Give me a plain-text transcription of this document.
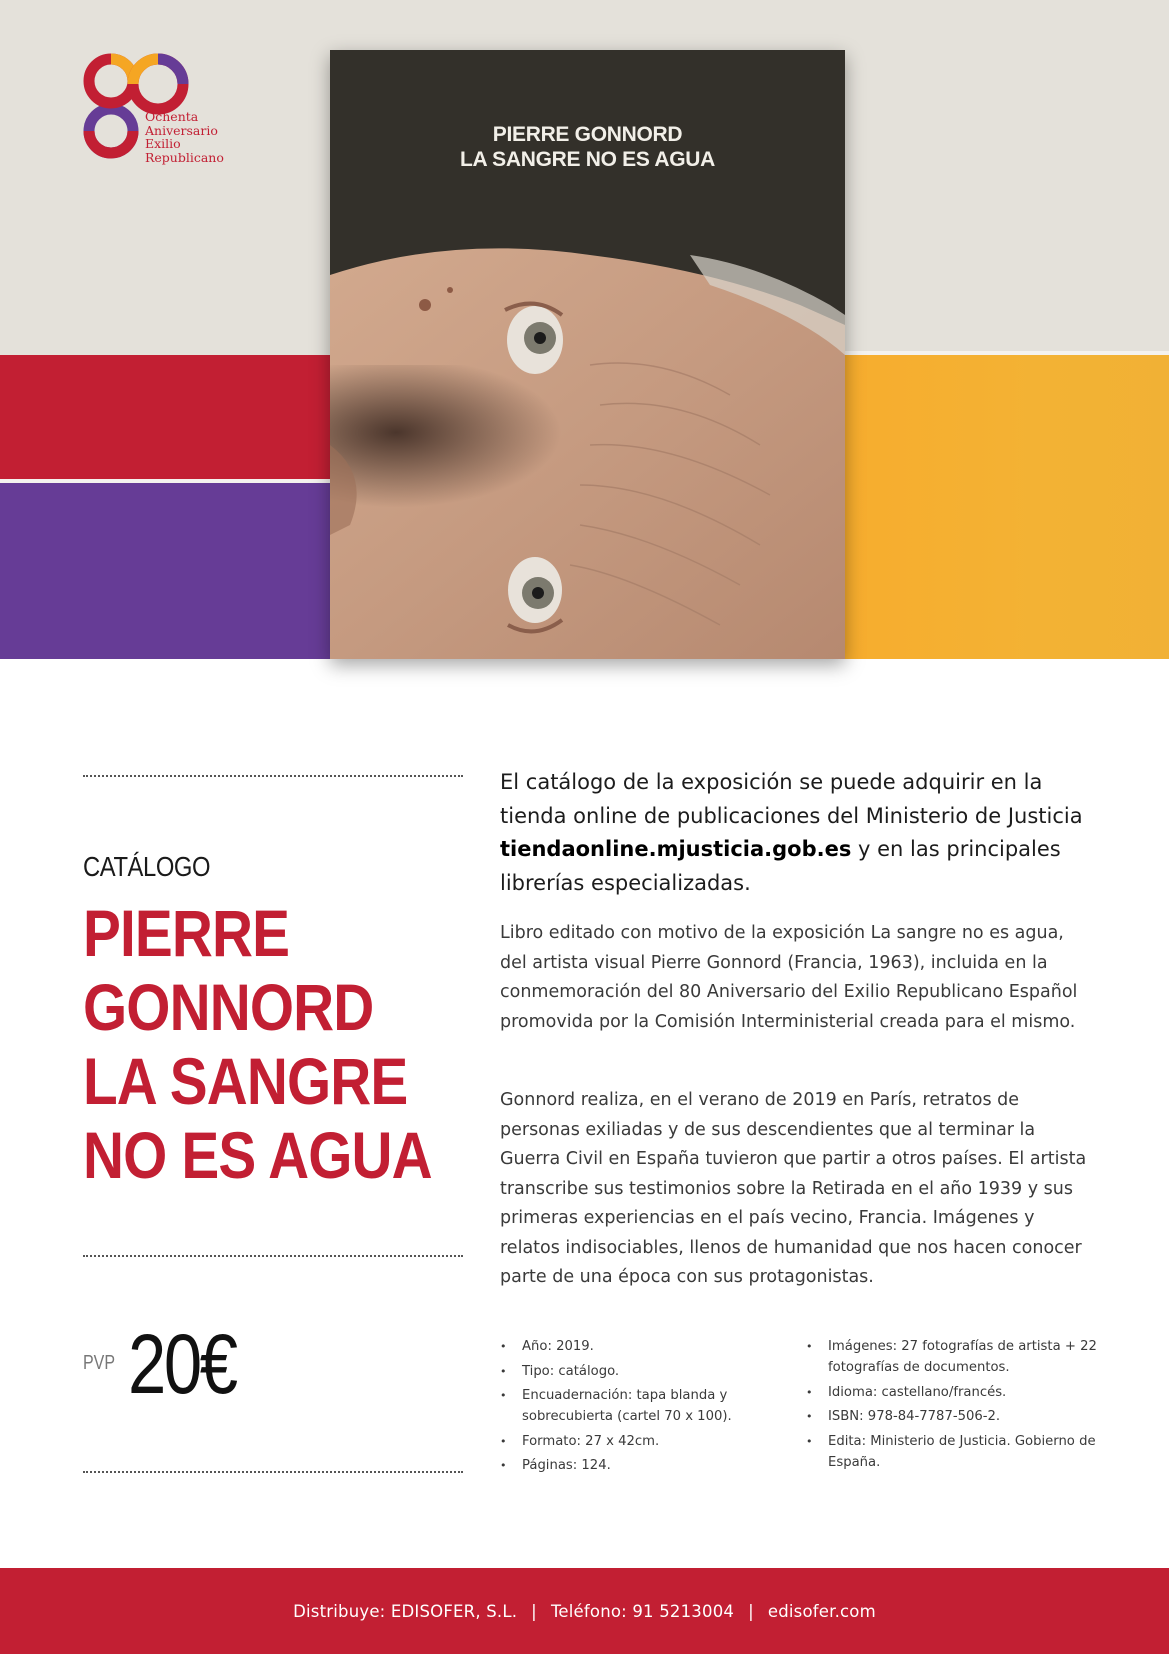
Ochenta
Aniversario
Exilio
Republicano
PIERRE GONNORD
LA SANGRE NO ES AGUA
CATÁLOGO
PIERRE
GONNORD
LA SANGRE
NO ES AGUA
PVP 20€
El catálogo de la exposición se puede adquirir en la tienda online de publicaciones del Ministerio de Justicia tiendaonline.mjusticia.gob.es y en las principales librerías especializadas.
Libro editado con motivo de la exposición La sangre no es agua, del artista visual Pierre Gonnord (Francia, 1963), incluida en la conmemoración del 80 Aniversario del Exilio Republicano Español promovida por la Comisión Interministerial creada para el mismo.
Gonnord realiza, en el verano de 2019 en París, retratos de personas exiliadas y de sus descendientes que al terminar la Guerra Civil en España tuvieron que partir a otros países. El artista transcribe sus testimonios sobre la Retirada en el año 1939 y sus primeras experiencias en el país vecino, Francia. Imágenes y relatos indisociables, llenos de humanidad que nos hacen conocer parte de una época con sus protagonistas.
• Año: 2019.
• Tipo: catálogo.
• Encuadernación: tapa blanda y sobrecubierta (cartel 70 x 100).
• Formato: 27 x 42cm.
• Páginas: 124.
• Imágenes: 27 fotografías de artista + 22 fotografías de documentos.
• Idioma: castellano/francés.
• ISBN: 978-84-7787-506-2.
• Edita: Ministerio de Justicia. Gobierno de España.
Distribuye: EDISOFER, S.L. | Teléfono: 91 5213004 | edisofer.com
